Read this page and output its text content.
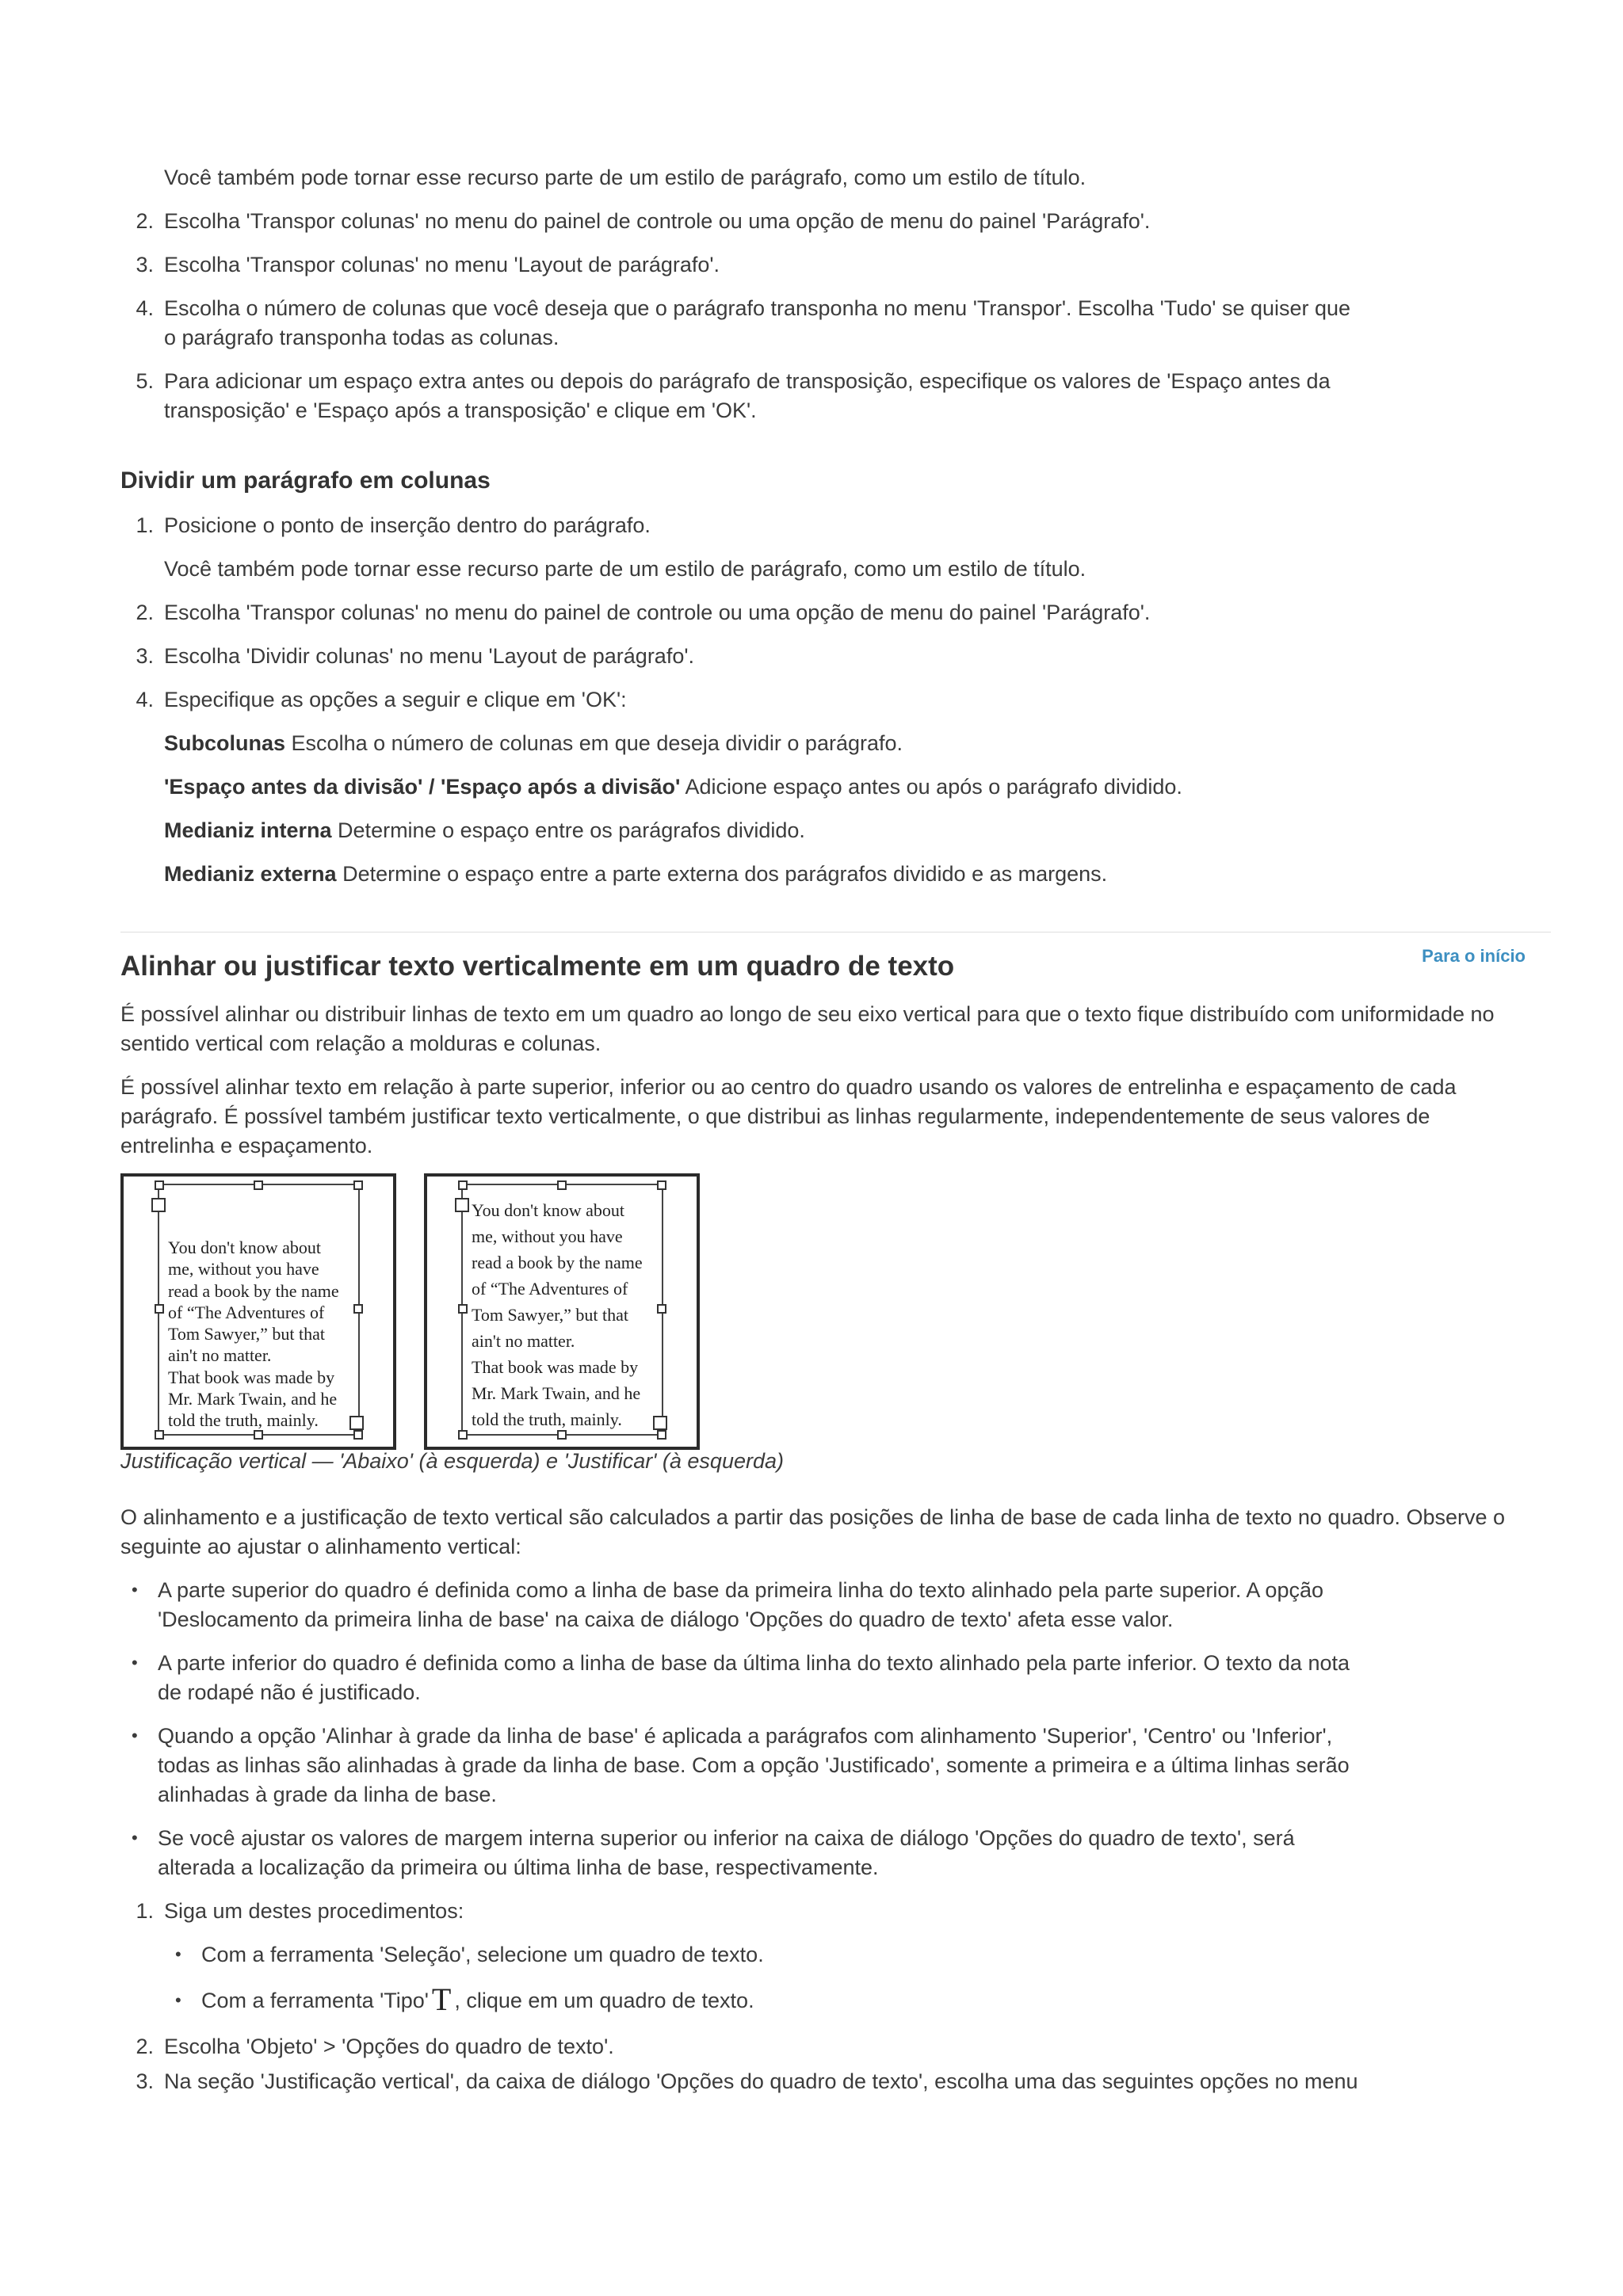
Você também pode tornar esse recurso parte de um estilo de parágrafo, como um estilo de título.

2. Escolha 'Transpor colunas' no menu do painel de controle ou uma opção de menu do painel 'Parágrafo'.
3. Escolha 'Transpor colunas' no menu 'Layout de parágrafo'.
4. Escolha o número de colunas que você deseja que o parágrafo transponha no menu 'Transpor'. Escolha 'Tudo' se quiser que
o parágrafo transponha todas as colunas.
5. Para adicionar um espaço extra antes ou depois do parágrafo de transposição, especifique os valores de 'Espaço antes da
transposição' e 'Espaço após a transposição' e clique em 'OK'.

Dividir um parágrafo em colunas

1. Posicione o ponto de inserção dentro do parágrafo.

Você também pode tornar esse recurso parte de um estilo de parágrafo, como um estilo de título.

2. Escolha 'Transpor colunas' no menu do painel de controle ou uma opção de menu do painel 'Parágrafo'.
3. Escolha 'Dividir colunas' no menu 'Layout de parágrafo'.
4. Especifique as opções a seguir e clique em 'OK':

Subcolunas Escolha o número de colunas em que deseja dividir o parágrafo.

'Espaço antes da divisão' / 'Espaço após a divisão' Adicione espaço antes ou após o parágrafo dividido.

Medianiz interna Determine o espaço entre os parágrafos dividido.

Medianiz externa Determine o espaço entre a parte externa dos parágrafos dividido e as margens.

Para o início

Alinhar ou justificar texto verticalmente em um quadro de texto

É possível alinhar ou distribuir linhas de texto em um quadro ao longo de seu eixo vertical para que o texto fique distribuído com uniformidade no
sentido vertical com relação a molduras e colunas.

É possível alinhar texto em relação à parte superior, inferior ou ao centro do quadro usando os valores de entrelinha e espaçamento de cada
parágrafo. É possível também justificar texto verticalmente, o que distribui as linhas regularmente, independentemente de seus valores de
entrelinha e espaçamento.

You don't know about
me, without you have
read a book by the name
of “The Adventures of
Tom Sawyer,” but that
ain't no matter.
That book was made by
Mr. Mark Twain, and he
told the truth, mainly.
You don't know about
me, without you have
read a book by the name
of “The Adventures of
Tom Sawyer,” but that
ain't no matter.
That book was made by
Mr. Mark Twain, and he
told the truth, mainly.

Justificação vertical — 'Abaixo' (à esquerda) e 'Justificar' (à esquerda)

O alinhamento e a justificação de texto vertical são calculados a partir das posições de linha de base de cada linha de texto no quadro. Observe o
seguinte ao ajustar o alinhamento vertical:

• A parte superior do quadro é definida como a linha de base da primeira linha do texto alinhado pela parte superior. A opção
'Deslocamento da primeira linha de base' na caixa de diálogo 'Opções do quadro de texto' afeta esse valor.
• A parte inferior do quadro é definida como a linha de base da última linha do texto alinhado pela parte inferior. O texto da nota
de rodapé não é justificado.
• Quando a opção 'Alinhar à grade da linha de base' é aplicada a parágrafos com alinhamento 'Superior', 'Centro' ou 'Inferior',
todas as linhas são alinhadas à grade da linha de base. Com a opção 'Justificado', somente a primeira e a última linhas serão
alinhadas à grade da linha de base.
• Se você ajustar os valores de margem interna superior ou inferior na caixa de diálogo 'Opções do quadro de texto', será
alterada a localização da primeira ou última linha de base, respectivamente.
1. Siga um destes procedimentos:
• Com a ferramenta 'Seleção', selecione um quadro de texto.
• Com a ferramenta 'Tipo' T , clique em um quadro de texto.
2. Escolha 'Objeto' > 'Opções do quadro de texto'.
3. Na seção 'Justificação vertical', da caixa de diálogo 'Opções do quadro de texto', escolha uma das seguintes opções no menu
